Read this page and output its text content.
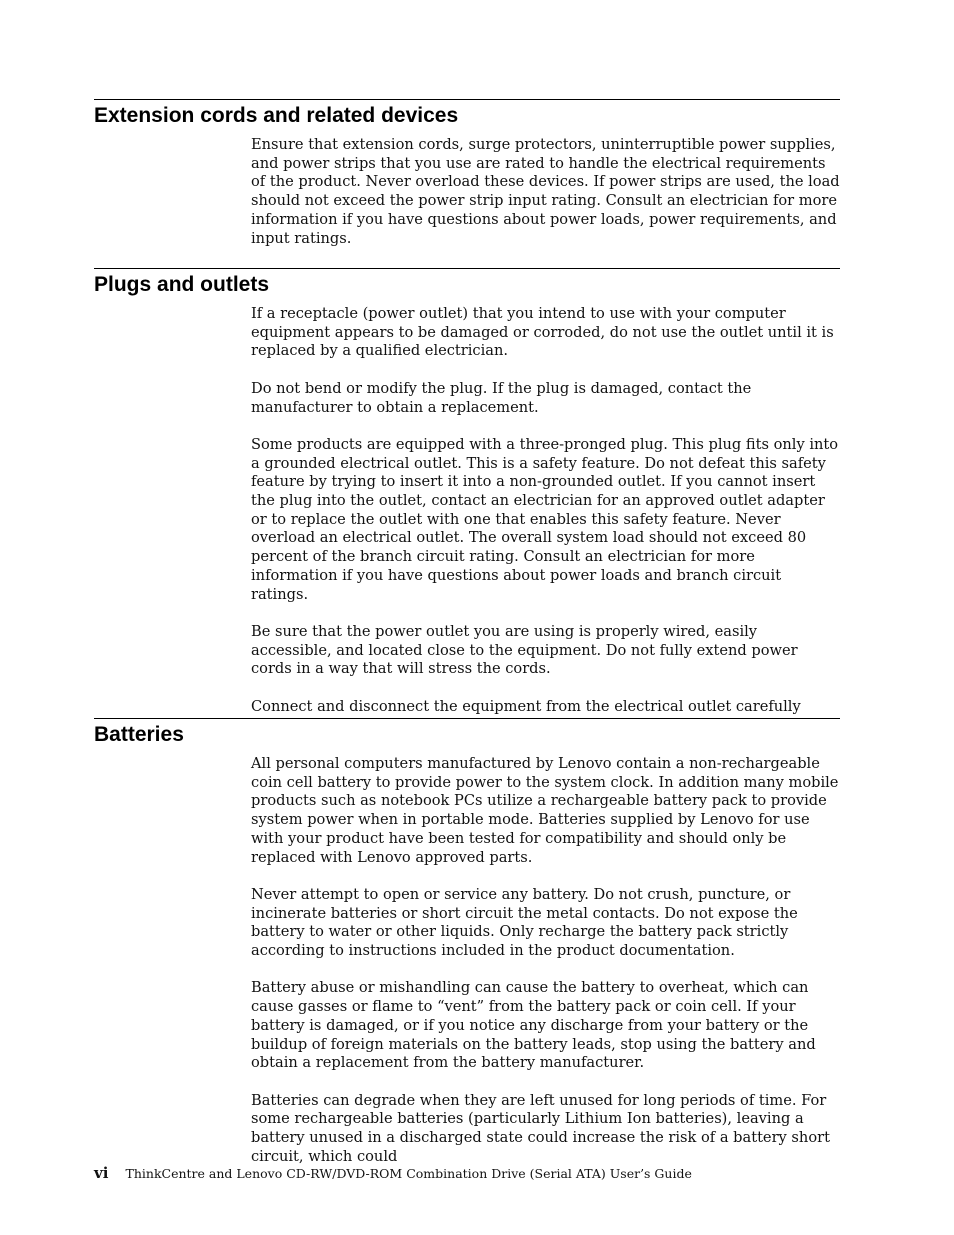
Extension cords and related devices

Ensure that extension cords, surge protectors, uninterruptible power supplies, and power strips that you use are rated to handle the electrical requirements of the product. Never overload these devices. If power strips are used, the load should not exceed the power strip input rating. Consult an electrician for more information if you have questions about power loads, power requirements, and input ratings.

Plugs and outlets

If a receptacle (power outlet) that you intend to use with your computer equipment appears to be damaged or corroded, do not use the outlet until it is replaced by a qualified electrician.

Do not bend or modify the plug. If the plug is damaged, contact the manufacturer to obtain a replacement.

Some products are equipped with a three-pronged plug. This plug fits only into a grounded electrical outlet. This is a safety feature. Do not defeat this safety feature by trying to insert it into a non-grounded outlet. If you cannot insert the plug into the outlet, contact an electrician for an approved outlet adapter or to replace the outlet with one that enables this safety feature. Never overload an electrical outlet. The overall system load should not exceed 80 percent of the branch circuit rating. Consult an electrician for more information if you have questions about power loads and branch circuit ratings.

Be sure that the power outlet you are using is properly wired, easily accessible, and located close to the equipment. Do not fully extend power cords in a way that will stress the cords.

Connect and disconnect the equipment from the electrical outlet carefully

Batteries

All personal computers manufactured by Lenovo contain a non-rechargeable coin cell battery to provide power to the system clock. In addition many mobile products such as notebook PCs utilize a rechargeable battery pack to provide system power when in portable mode. Batteries supplied by Lenovo for use with your product have been tested for compatibility and should only be replaced with Lenovo approved parts.

Never attempt to open or service any battery. Do not crush, puncture, or incinerate batteries or short circuit the metal contacts. Do not expose the battery to water or other liquids. Only recharge the battery pack strictly according to instructions included in the product documentation.

Battery abuse or mishandling can cause the battery to overheat, which can cause gasses or flame to “vent” from the battery pack or coin cell. If your battery is damaged, or if you notice any discharge from your battery or the buildup of foreign materials on the battery leads, stop using the battery and obtain a replacement from the battery manufacturer.

Batteries can degrade when they are left unused for long periods of time. For some rechargeable batteries (particularly Lithium Ion batteries), leaving a battery unused in a discharged state could increase the risk of a battery short circuit, which could

vi ThinkCentre and Lenovo CD-RW/DVD-ROM Combination Drive (Serial ATA) User’s Guide
